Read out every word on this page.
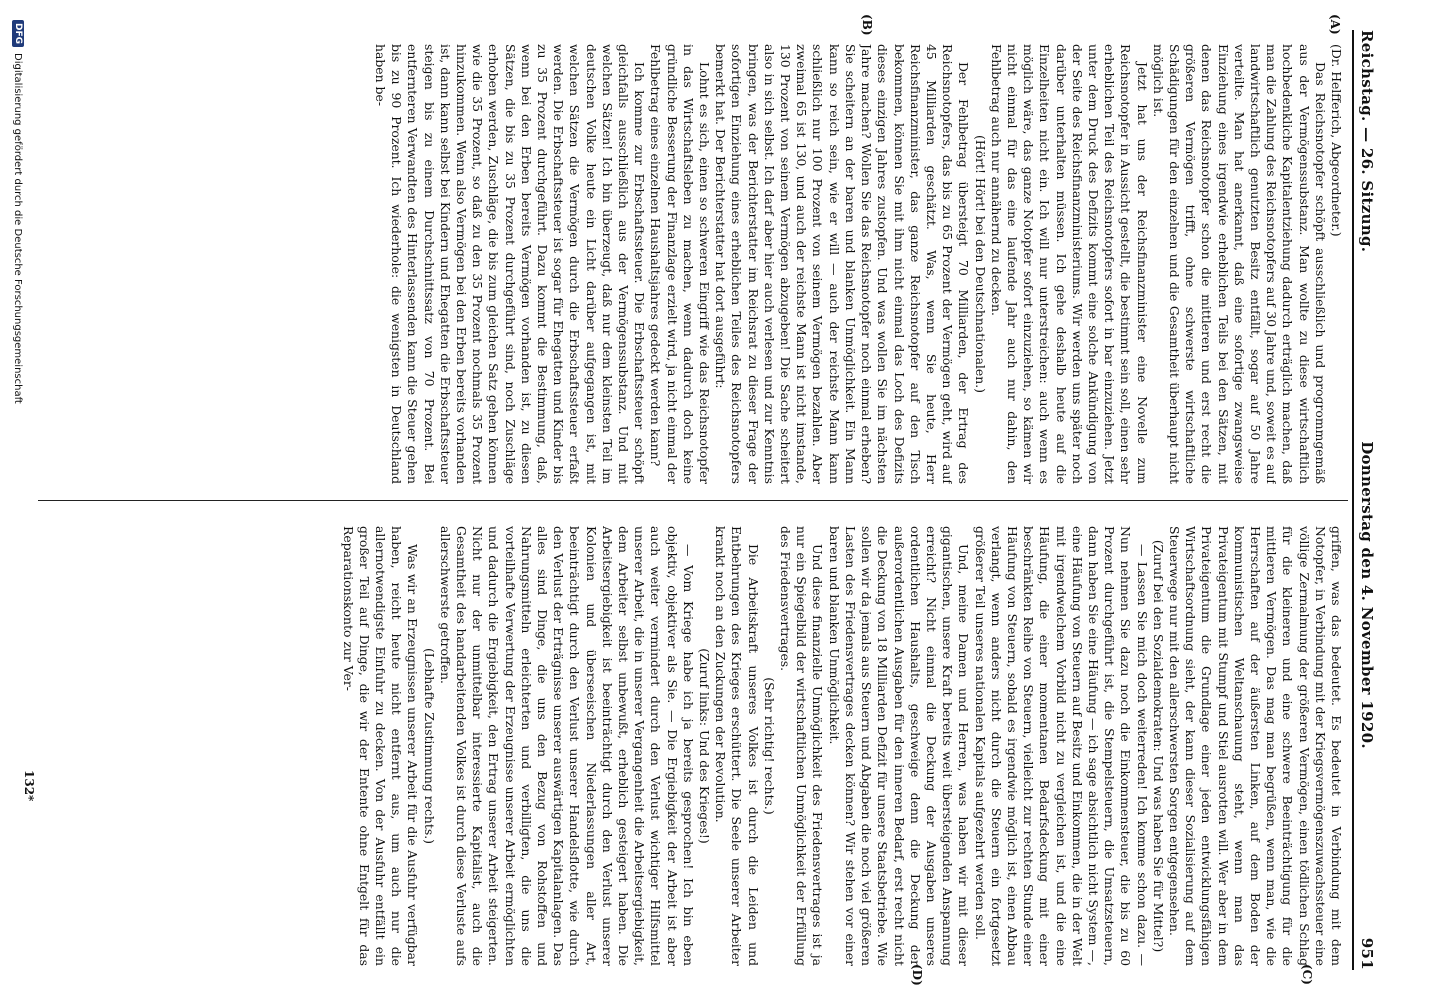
Reichstag. — 26. Sitzung.
Donnerstag den 4. November 1920.
951
(A)
(B)
(C)
(D)

(Dr. Helfferich, Abgeordneter.)

Das Reichsnotopfer schöpft ausschließlich und progrommgemäß aus der Vermögenssubstanz. Man wollte zu diese wirtschaftlich hochbedenkliche Kapitalentziehung dadurch erträglich machen, daß man die Zahlung des Reichsnotopfers auf 30 Jahre und, soweit es auf landwirtschaftlich genutzten Besitz entfällt, sogar auf 50 Jahre verteilte. Man hat anerkannt, daß eine sofortige zwangsweise Einziehung eines irgendwie erheblichen Teils bei den Sätzen, mit denen das Reichsnotopfer schon die mittleren und erst recht die größeren Vermögen trifft, ohne schwerste wirtschaftliche Schädigungen für den einzelnen und die Gesamtheit überhaupt nicht möglich ist.

Jetzt hat uns der Reichsfinanzminister eine Novelle zum Reichsnotopfer in Aussicht gestellt, die bestimmt sein soll, einen sehr erheblichen Teil des Reichsnotopfers sofort in bar einzuziehen. Jetzt unter dem Druck des Defizits kommt eine solche Ankündigung von der Seite des Reichsfinanzministeriums. Wir werden uns später noch darüber unterhalten müssen. Ich gehe deshalb heute auf die Einzelheiten nicht ein. Ich will nur unterstreichen: auch wenn es möglich wäre, das ganze Notopfer sofort einzuziehen, so kämen wir nicht einmal für das eine laufende Jahr auch nur dahin, den Fehlbetrag auch nur annähernd zu decken.

(Hört! Hört! bei den Deutschnationalen.)

Der Fehlbetrag übersteigt 70 Milliarden, der Ertrag des Reichsnotopfers, das bis zu 65 Prozent der Vermögen geht, wird auf 45 Milliarden geschätzt. Was, wenn Sie heute, Herr Reichsfinanzminister, das ganze Reichsnotopfer auf den Tisch bekommen, können Sie mit ihm nicht einmal das Loch des Defizits dieses einzigen Jahres zustopfen. Und was wollen Sie im nächsten Jahre machen? Wollen Sie das Reichsnotopfer noch einmal erheben? Sie scheitern an der baren und blanken Unmöglichkeit. Ein Mann kann so reich sein, wie er will — auch der reichste Mann kann schließlich nur 100 Prozent von seinem Vermögen bezahlen. Aber zweimal 65 ist 130, und auch der reichste Mann ist nicht imstande, 130 Prozent von seinem Vermögen abzugeben! Die Sache scheitert also in sich selbst. Ich darf aber hier auch verlesen und zur Kenntnis bringen, was der Berichterstatter im Reichsrat zu dieser Frage der sofortigen Einziehung eines erheblichen Teiles des Reichsnotopfers bemerkt hat. Der Berichterstatter hat dort ausgeführt:

Lohnt es sich, einen so schweren Eingriff wie das Reichsnotopfer in das Wirtschaftsleben zu machen, wenn dadurch doch keine gründliche Besserung der Finanzlage erzielt wird, ja nicht einmal der Fehlbetrag eines einzelnen Haushaltsjahres gedeckt werden kann?

Ich komme zur Erbschaftssteuer. Die Erbschaftssteuer schöpft gleichfalls ausschließlich aus der Vermögenssubstanz. Und mit welchen Sätzen! Ich bin überzeugt, daß nur dem kleinsten Teil im deutschen Volke heute ein Licht darüber aufgegangen ist, mit welchen Sätzen die Vermögen durch die Erbschaftssteuer erfaßt werden. Die Erbschaftssteuer ist sogar für Ehegatten und Kinder bis zu 35 Prozent durchgeführt. Dazu kommt die Bestimmung, daß, wenn bei den Erben bereits Vermögen vorhanden ist, zu diesen Sätzen, die bis zu 35 Prozent durchgeführt sind, noch Zuschläge erhoben werden, Zuschläge, die bis zum gleichen Satz gehen können wie die 35 Prozent, so daß zu den 35 Prozent nochmals 35 Prozent hinzukommen. Wenn also Vermögen bei den Erben bereits vorhanden ist, dann kann selbst bei Kindern und Ehegatten die Erbschaftssteuer steigen bis zu einem Durchschnittssatz von 70 Prozent. Bei entfernteren Verwandten des Hinterlassenden kann die Steuer gehen bis zu 90 Prozent. Ich wiederhole: die wenigsten in Deutschland haben be-

griffen, was das bedeutet. Es bedeutet in Verbindung mit dem Notopfer, in Verbindung mit der Kriegsvermögenszuwachssteuer eine völlige Zermalmung der größeren Vermögen, einen tödlichen Schlag für die kleineren und eine schwere Beeinträchtigung für die mittleren Vermögen. Das mag man begrüßen, wenn man, wie die Herrschaften auf der äußersten Linken, auf dem Boden der kommunistischen Weltanschauung steht, wenn man das Privateigentum mit Stumpf und Stiel ausrotten will. Wer aber in dem Privateigentum die Grundlage einer jeden entwicklungsfähigen Wirtschaftsordnung sieht, der kann dieser Sozialisierung auf dem Steuerwege nur mit den allerschwersten Sorgen entgegensehen.

(Zuruf bei den Sozialdemokraten: Und was haben Sie für Mittel?)

— Lassen Sie mich doch weiterreden! Ich komme schon dazu. — Nun nehmen Sie dazu noch die Einkommensteuer, die bis zu 60 Prozent durchgeführt ist, die Stempelsteuern, die Umsatzsteuern, dann haben Sie eine Häufung — ich sage absichtlich nicht System —, eine Häufung von Steuern auf Besitz und Einkommen, die in der Welt mit irgendwelchem Vorbild nicht zu vergleichen ist, und die eine Häufung, die einer momentanen Bedarfsdeckung mit einer beschränkten Reihe von Steuern, vielleicht zur rechten Stunde einer Häufung von Steuern, sobald es irgendwie möglich ist, einen Abbau verlangt, wenn anders nicht durch die Steuern ein fortgesetzt größerer Teil unseres nationalen Kapitals aufgezehrt werden soll.

Und, meine Damen und Herren, was haben wir mit dieser gigantischen, unsere Kraft bereits weit übersteigenden Anspannung erreicht? Nicht einmal die Deckung der Ausgaben unseres ordentlichen Haushalts, geschweige denn die Deckung der außerordentlichen Ausgaben für den inneren Bedarf, erst recht nicht die Deckung von 18 Milliarden Defizit für unsere Staatsbetriebe. Wie sollen wir da jemals aus Steuern und Abgaben die noch viel größeren Lasten des Friedensvertrages decken können? Wir stehen vor einer baren und blanken Unmöglichkeit.

Und diese finanzielle Unmöglichkeit des Friedensvertrages ist ja nur ein Spiegelbild der wirtschaftlichen Unmöglichkeit der Erfüllung des Friedensvertrages.

(Sehr richtig! rechts.)

Die Arbeitskraft unseres Volkes ist durch die Leiden und Entbehrungen des Krieges erschüttert. Die Seele unserer Arbeiter krankt noch an den Zuckungen der Revolution.

(Zuruf links: Und des Krieges!)

— Vom Kriege habe ich ja bereits gesprochen! Ich bin eben objektiv, objektiver als Sie. — Die Ergiebigkeit der Arbeit ist aber auch weiter vermindert durch den Verlust wichtiger Hilfsmittel unserer Arbeit, die in unserer Vergangenheit die Arbeitsergiebigkeit, dem Arbeiter selbst unbewußt, erheblich gesteigert haben. Die Arbeitsergiebigkeit ist beeinträchtigt durch den Verlust unserer Kolonien und überseeischen Niederlassungen aller Art, beeinträchtigt durch den Verlust unserer Handelsflotte, wie durch den Verlust der Erträgnisse unserer auswärtigen Kapitalanlagen. Das alles sind Dinge, die uns den Bezug von Rohstoffen und Nahrungsmitteln erleichterten und verbilligten, die uns die vorteilhafte Verwertung der Erzeugnisse unserer Arbeit ermöglichten und dadurch die Ergiebigkeit, den Ertrag unserer Arbeit steigerten. Nicht nur der unmittelbar interessierte Kapitalist, auch die Gesamtheit des handarbeitenden Volkes ist durch diese Verluste aufs allerschwerste getroffen.

(Lebhafte Zustimmung rechts.)

Was wir an Erzeugnissen unserer Arbeit für die Ausfuhr verfügbar haben, reicht heute nicht entfernt aus, um auch nur die allernotwendigste Einfuhr zu decken. Von der Ausfuhr entfällt ein großer Teil auf Dinge, die wir der Entente ohne Entgelt für das Reparationskonto zur Ver-

132*
DFG
Digitalisierung gefördert durch die Deutsche Forschungsgemeinschaft
